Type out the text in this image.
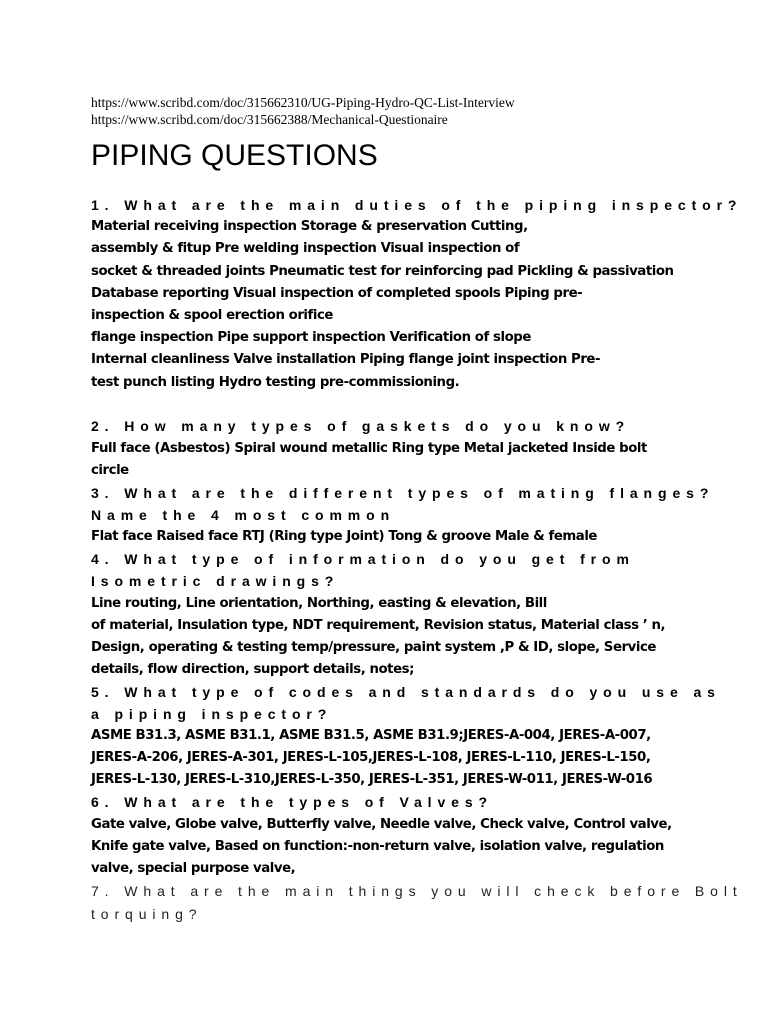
https://www.scribd.com/doc/315662310/UG-Piping-Hydro-QC-List-Interview
https://www.scribd.com/doc/315662388/Mechanical-Questionaire
PIPING QUESTIONS
1. What are the main duties of the piping inspector?
Material receiving inspection Storage & preservation Cutting,
assembly & fitup Pre welding inspection Visual inspection of
socket & threaded joints Pneumatic test for reinforcing pad Pickling & passivation
Database reporting Visual inspection of completed spools Piping pre-
inspection & spool erection orifice
flange inspection Pipe support inspection Verification of slope
Internal cleanliness Valve installation Piping flange joint inspection Pre-
test punch listing Hydro testing pre-commissioning.
2. How many types of gaskets do you know?
Full face (Asbestos) Spiral wound metallic Ring type Metal jacketed Inside bolt
circle
3. What are the different types of mating flanges?
Name the 4 most common
Flat face Raised face RTJ (Ring type Joint) Tong & groove Male & female
4. What type of information do you get from
Isometric drawings?
Line routing, Line orientation, Northing, easting & elevation, Bill
of material, Insulation type, NDT requirement, Revision status, Material class ’ n,
Design, operating & testing temp/pressure, paint system ,P & ID, slope, Service
details, flow direction, support details, notes;
5. What type of codes and standards do you use as
a piping inspector?
ASME B31.3, ASME B31.1, ASME B31.5, ASME B31.9;JERES-A-004, JERES-A-007,
JERES-A-206, JERES-A-301, JERES-L-105,JERES-L-108, JERES-L-110, JERES-L-150,
JERES-L-130, JERES-L-310,JERES-L-350, JERES-L-351, JERES-W-011, JERES-W-016
6. What are the types of Valves?
Gate valve, Globe valve, Butterfly valve, Needle valve, Check valve, Control valve,
Knife gate valve, Based on function:-non-return valve, isolation valve, regulation
valve, special purpose valve,
7. What are the main things you will check before Bolt
torquing?
